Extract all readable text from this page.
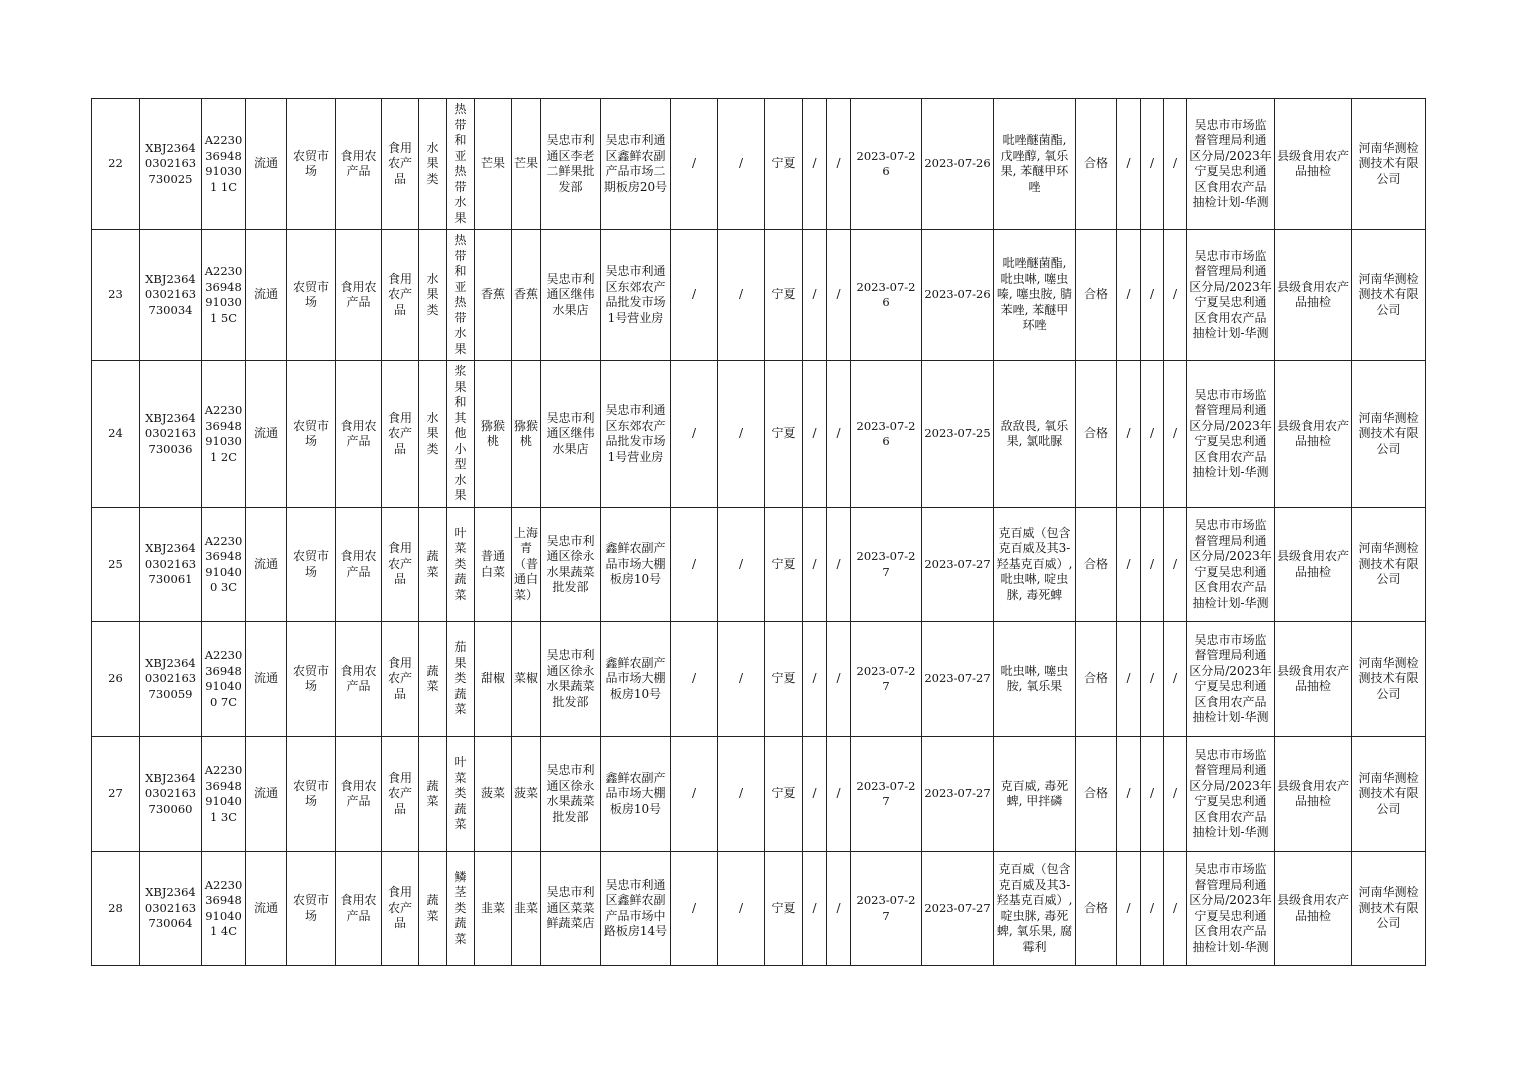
22	XBJ23640302163730025	A223036948910301 1C	流通	农贸市场	食用农产品	食用农产品	水果类	热带和亚热带水果	芒果	芒果	吴忠市利通区李老二鲜果批发部	吴忠市利通区鑫鲜农副产品市场二期板房20号	/	/	宁夏	/	/	2023-07-26	2023-07-26	吡唑醚菌酯, 戊唑醇, 氧乐果, 苯醚甲环唑	合格	/	/	/	吴忠市市场监督管理局利通区分局/2023年宁夏吴忠利通区食用农产品抽检计划-华测	县级食用农产品抽检	河南华测检测技术有限公司
23	XBJ23640302163730034	A223036948910301 5C	流通	农贸市场	食用农产品	食用农产品	水果类	热带和亚热带水果	香蕉	香蕉	吴忠市利通区继伟水果店	吴忠市利通区东郊农产品批发市场1号营业房	/	/	宁夏	/	/	2023-07-26	2023-07-26	吡唑醚菌酯, 吡虫啉, 噻虫嗪, 噻虫胺, 腈苯唑, 苯醚甲环唑	合格	/	/	/	吴忠市市场监督管理局利通区分局/2023年宁夏吴忠利通区食用农产品抽检计划-华测	县级食用农产品抽检	河南华测检测技术有限公司
24	XBJ23640302163730036	A223036948910301 2C	流通	农贸市场	食用农产品	食用农产品	水果类	浆果和其他小型水果	猕猴桃	猕猴桃	吴忠市利通区继伟水果店	吴忠市利通区东郊农产品批发市场1号营业房	/	/	宁夏	/	/	2023-07-26	2023-07-25	敌敌畏, 氧乐果, 氯吡脲	合格	/	/	/	吴忠市市场监督管理局利通区分局/2023年宁夏吴忠利通区食用农产品抽检计划-华测	县级食用农产品抽检	河南华测检测技术有限公司
25	XBJ23640302163730061	A223036948910400 3C	流通	农贸市场	食用农产品	食用农产品	蔬菜	叶菜类蔬菜	普通白菜	上海青（普通白菜）	吴忠市利通区徐永水果蔬菜批发部	鑫鲜农副产品市场大棚板房10号	/	/	宁夏	/	/	2023-07-27	2023-07-27	克百威（包含克百威及其3-羟基克百威）, 吡虫啉, 啶虫脒, 毒死蜱	合格	/	/	/	吴忠市市场监督管理局利通区分局/2023年宁夏吴忠利通区食用农产品抽检计划-华测	县级食用农产品抽检	河南华测检测技术有限公司
26	XBJ23640302163730059	A223036948910400 7C	流通	农贸市场	食用农产品	食用农产品	蔬菜	茄果类蔬菜	甜椒	菜椒	吴忠市利通区徐永水果蔬菜批发部	鑫鲜农副产品市场大棚板房10号	/	/	宁夏	/	/	2023-07-27	2023-07-27	吡虫啉, 噻虫胺, 氧乐果	合格	/	/	/	吴忠市市场监督管理局利通区分局/2023年宁夏吴忠利通区食用农产品抽检计划-华测	县级食用农产品抽检	河南华测检测技术有限公司
27	XBJ23640302163730060	A223036948910401 3C	流通	农贸市场	食用农产品	食用农产品	蔬菜	叶菜类蔬菜	菠菜	菠菜	吴忠市利通区徐永水果蔬菜批发部	鑫鲜农副产品市场大棚板房10号	/	/	宁夏	/	/	2023-07-27	2023-07-27	克百威, 毒死蜱, 甲拌磷	合格	/	/	/	吴忠市市场监督管理局利通区分局/2023年宁夏吴忠利通区食用农产品抽检计划-华测	县级食用农产品抽检	河南华测检测技术有限公司
28	XBJ23640302163730064	A223036948910401 4C	流通	农贸市场	食用农产品	食用农产品	蔬菜	鳞茎类蔬菜	韭菜	韭菜	吴忠市利通区菜菜鲜蔬菜店	吴忠市利通区鑫鲜农副产品市场中路板房14号	/	/	宁夏	/	/	2023-07-27	2023-07-27	克百威（包含克百威及其3-羟基克百威）, 啶虫脒, 毒死蜱, 氧乐果, 腐霉利	合格	/	/	/	吴忠市市场监督管理局利通区分局/2023年宁夏吴忠利通区食用农产品抽检计划-华测	县级食用农产品抽检	河南华测检测技术有限公司
